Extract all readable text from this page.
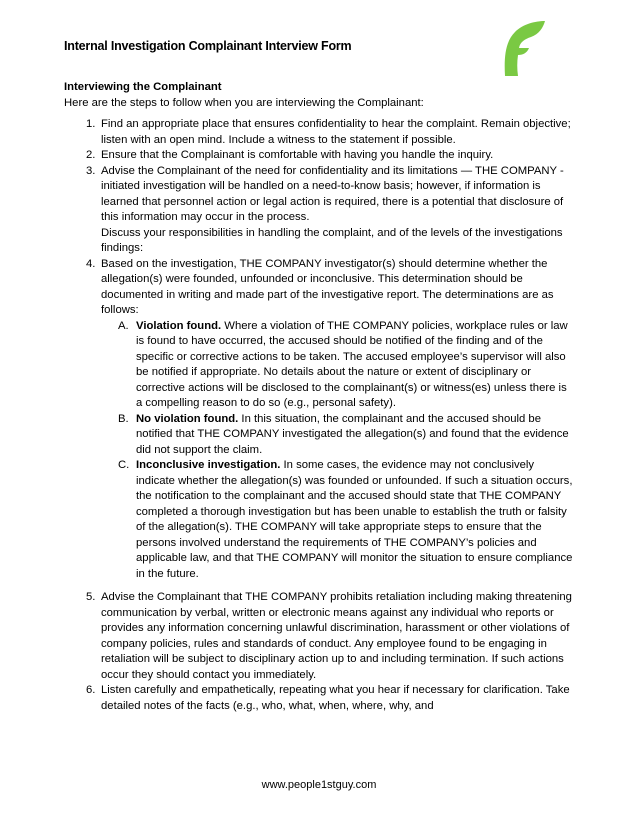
Internal Investigation Complainant Interview Form
Interviewing the Complainant
Here are the steps to follow when you are interviewing the Complainant:
1. Find an appropriate place that ensures confidentiality to hear the complaint. Remain objective; listen with an open mind. Include a witness to the statement if possible.
2. Ensure that the Complainant is comfortable with having you handle the inquiry.
3. Advise the Complainant of the need for confidentiality and its limitations — THE COMPANY -initiated investigation will be handled on a need-to-know basis; however, if information is learned that personnel action or legal action is required, there is a potential that disclosure of this information may occur in the process.
Discuss your responsibilities in handling the complaint, and of the levels of the investigations findings:
4. Based on the investigation, THE COMPANY investigator(s) should determine whether the allegation(s) were founded, unfounded or inconclusive. This determination should be documented in writing and made part of the investigative report. The determinations are as follows:
A. Violation found. Where a violation of THE COMPANY policies, workplace rules or law is found to have occurred, the accused should be notified of the finding and of the specific or corrective actions to be taken. The accused employee’s supervisor will also be notified if appropriate. No details about the nature or extent of disciplinary or corrective actions will be disclosed to the complainant(s) or witness(es) unless there is a compelling reason to do so (e.g., personal safety).
B. No violation found. In this situation, the complainant and the accused should be notified that THE COMPANY investigated the allegation(s) and found that the evidence did not support the claim.
C. Inconclusive investigation. In some cases, the evidence may not conclusively indicate whether the allegation(s) was founded or unfounded. If such a situation occurs, the notification to the complainant and the accused should state that THE COMPANY completed a thorough investigation but has been unable to establish the truth or falsity of the allegation(s). THE COMPANY will take appropriate steps to ensure that the persons involved understand the requirements of THE COMPANY’s policies and applicable law, and that THE COMPANY will monitor the situation to ensure compliance in the future.
5. Advise the Complainant that THE COMPANY prohibits retaliation including making threatening communication by verbal, written or electronic means against any individual who reports or provides any information concerning unlawful discrimination, harassment or other violations of company policies, rules and standards of conduct. Any employee found to be engaging in retaliation will be subject to disciplinary action up to and including termination. If such actions occur they should contact you immediately.
6. Listen carefully and empathetically, repeating what you hear if necessary for clarification. Take detailed notes of the facts (e.g., who, what, when, where, why, and
www.people1stguy.com
